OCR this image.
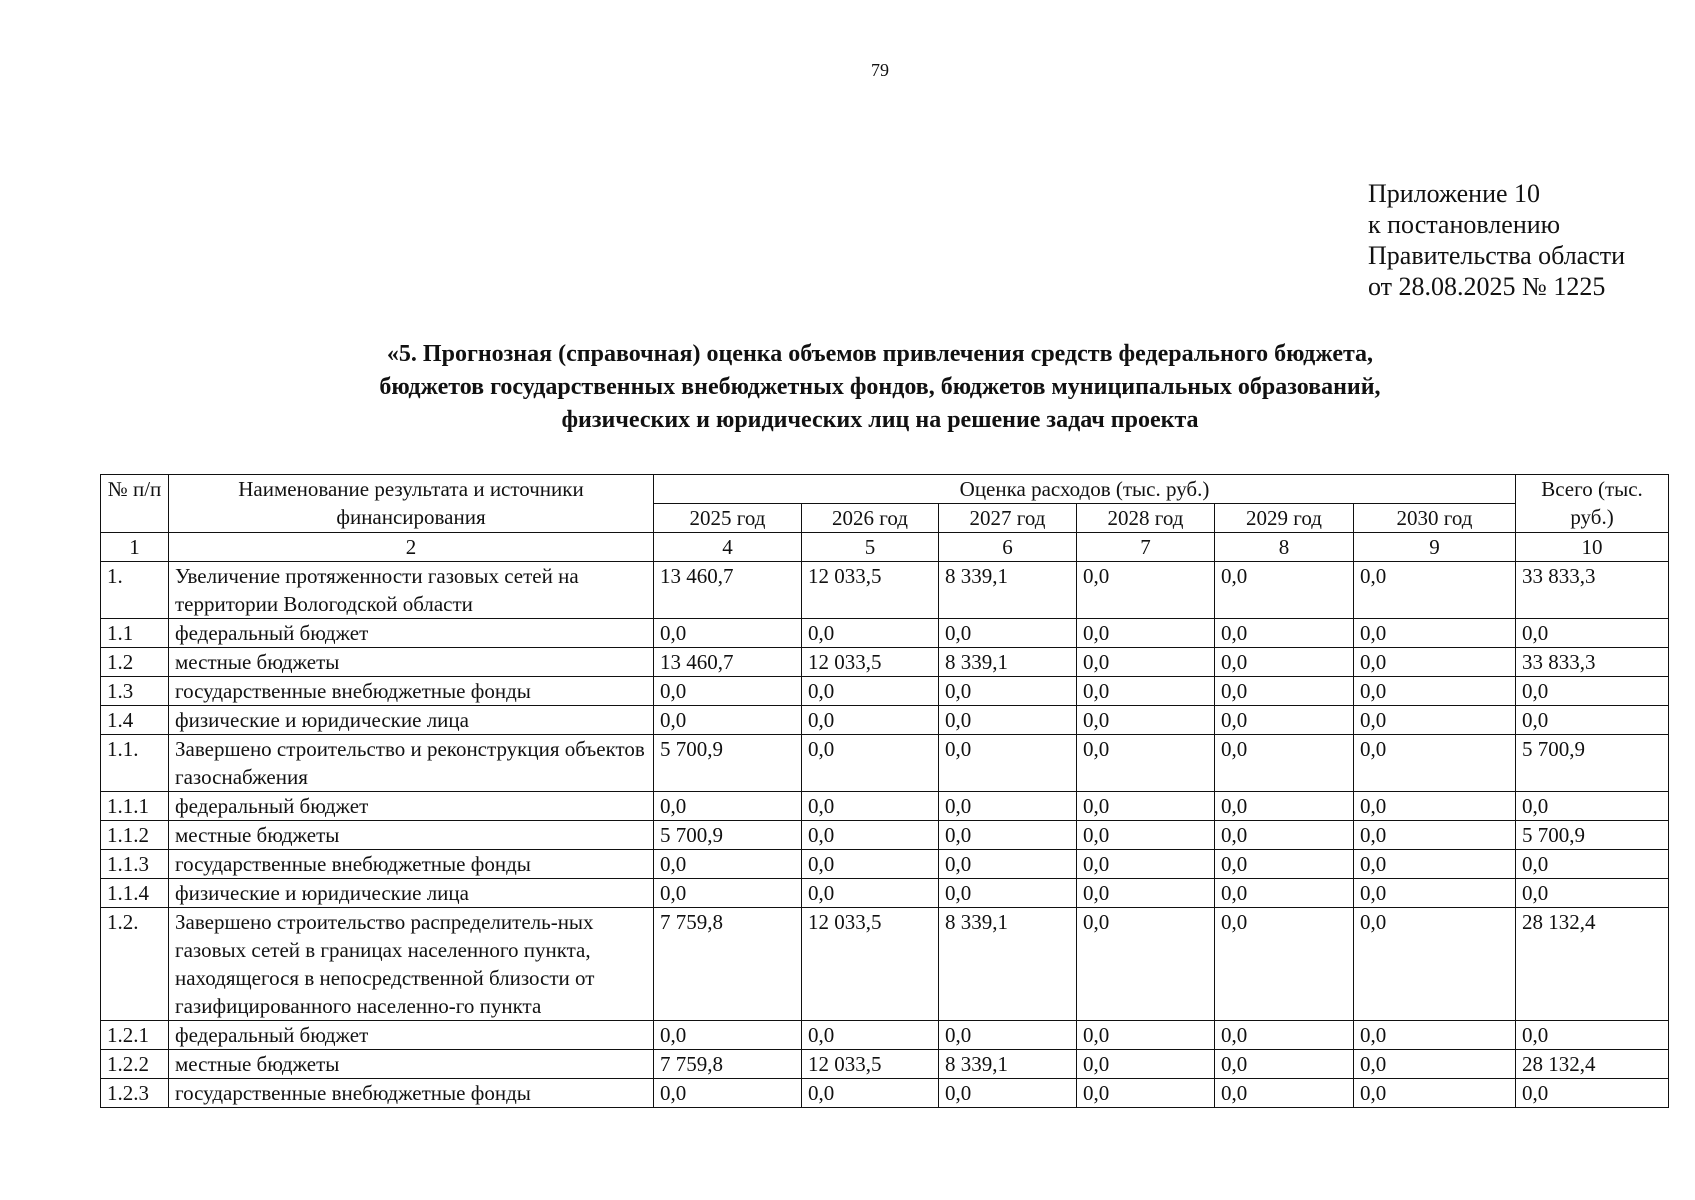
79
Приложение 10
к постановлению
Правительства области
от 28.08.2025 № 1225
«5. Прогнозная (справочная) оценка объемов привлечения средств федерального бюджета,
бюджетов государственных внебюджетных фондов, бюджетов муниципальных образований,
физических и юридических лиц на решение задач проекта
№ п/п	Наименование результата и источники финансирования	Оценка расходов (тыс. руб.)						Всего (тыс. руб.)
		2025 год	2026 год	2027 год	2028 год	2029 год	2030 год	
1	2	4	5	6	7	8	9	10
1.	Увеличение протяженности газовых сетей на территории Вологодской области	13 460,7	12 033,5	8 339,1	0,0	0,0	0,0	33 833,3
1.1	федеральный бюджет	0,0	0,0	0,0	0,0	0,0	0,0	0,0
1.2	местные бюджеты	13 460,7	12 033,5	8 339,1	0,0	0,0	0,0	33 833,3
1.3	государственные внебюджетные фонды	0,0	0,0	0,0	0,0	0,0	0,0	0,0
1.4	физические и юридические лица	0,0	0,0	0,0	0,0	0,0	0,0	0,0
1.1.	Завершено строительство и реконструкция объектов газоснабжения	5 700,9	0,0	0,0	0,0	0,0	0,0	5 700,9
1.1.1	федеральный бюджет	0,0	0,0	0,0	0,0	0,0	0,0	0,0
1.1.2	местные бюджеты	5 700,9	0,0	0,0	0,0	0,0	0,0	5 700,9
1.1.3	государственные внебюджетные фонды	0,0	0,0	0,0	0,0	0,0	0,0	0,0
1.1.4	физические и юридические лица	0,0	0,0	0,0	0,0	0,0	0,0	0,0
1.2.	Завершено строительство распределитель-ных газовых сетей в границах населенного пункта, находящегося в непосредственной близости от газифицированного населенно-го пункта	7 759,8	12 033,5	8 339,1	0,0	0,0	0,0	28 132,4
1.2.1	федеральный бюджет	0,0	0,0	0,0	0,0	0,0	0,0	0,0
1.2.2	местные бюджеты	7 759,8	12 033,5	8 339,1	0,0	0,0	0,0	28 132,4
1.2.3	государственные внебюджетные фонды	0,0	0,0	0,0	0,0	0,0	0,0	0,0
